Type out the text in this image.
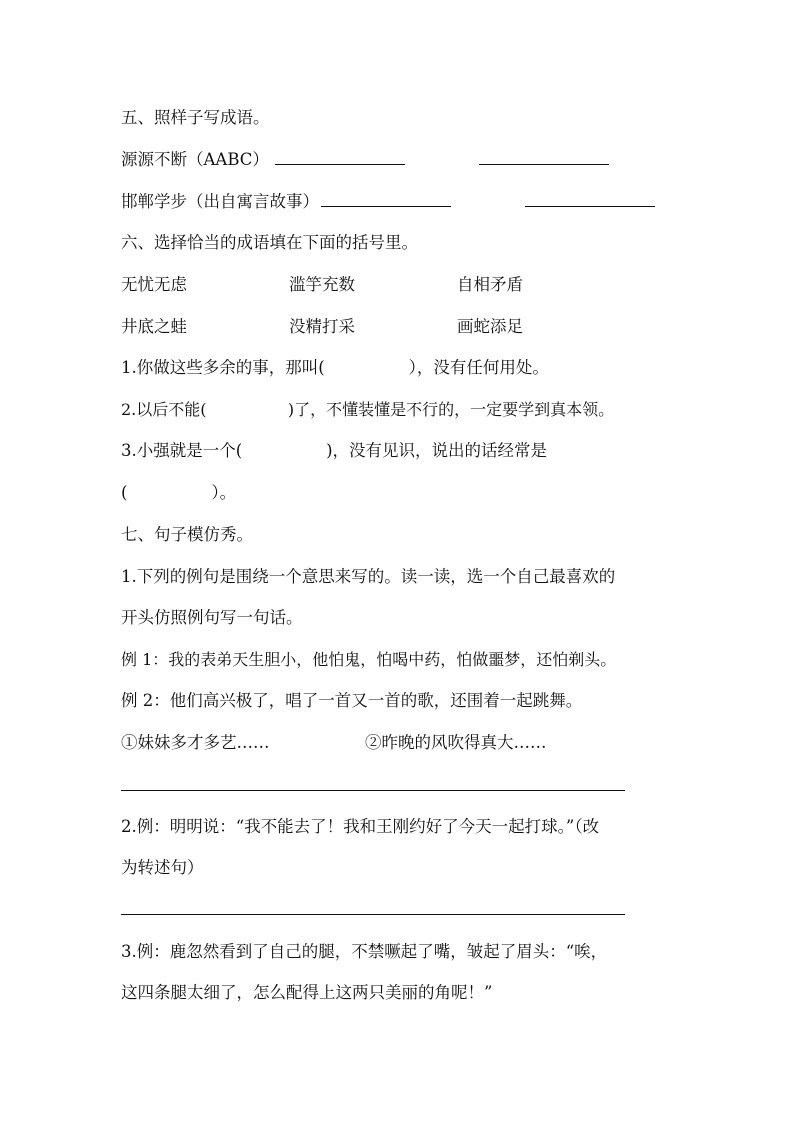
五、照样子写成语。
源源不断（AABC）
邯郸学步（出自寓言故事）
六、选择恰当的成语填在下面的括号里。
无忧无虑	滥竽充数	自相矛盾
井底之蛙	没精打采	画蛇添足
1.你做这些多余的事，那叫(                ），没有任何用处。
2.以后不能(                )了，不懂装懂是不行的，一定要学到真本领。
3.小强就是一个(                )，没有见识，说出的话经常是
(                ）。
七、句子模仿秀。
1.下列的例句是围绕一个意思来写的。读一读，选一个自己最喜欢的
开头仿照例句写一句话。
例 1：我的表弟天生胆小，他怕鬼，怕喝中药，怕做噩梦，还怕剃头。
例 2：他们高兴极了，唱了一首又一首的歌，还围着一起跳舞。
①妹妹多才多艺……	②昨晚的风吹得真大……
2.例：明明说：“我不能去了！我和王刚约好了今天一起打球。”（改
为转述句）
3.例：鹿忽然看到了自己的腿，不禁噘起了嘴，皱起了眉头：“唉，
这四条腿太细了，怎么配得上这两只美丽的角呢！”
